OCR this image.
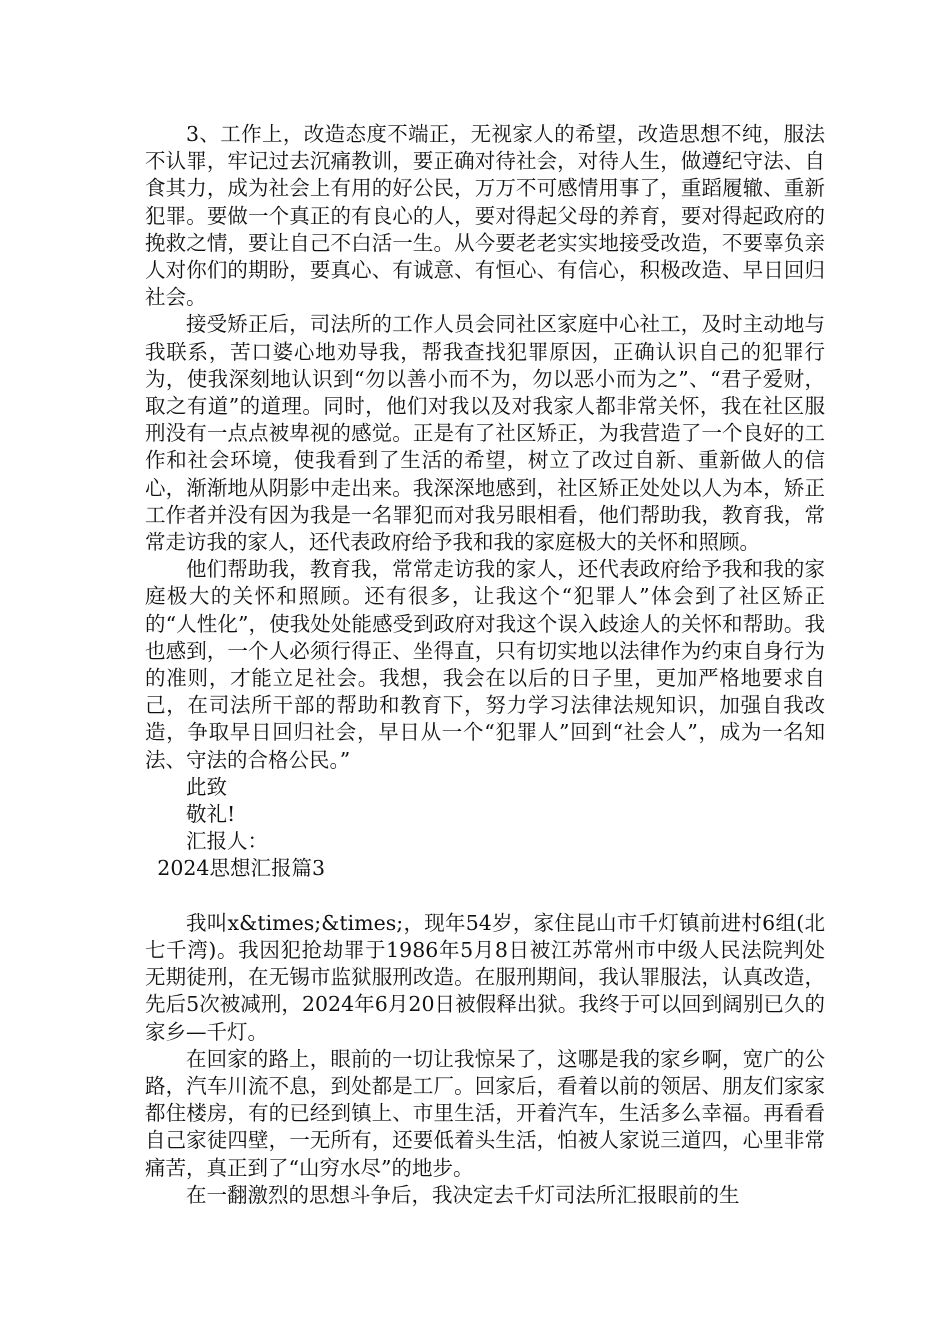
3、工作上，改造态度不端正，无视家人的希望，改造思想不纯，服法不认罪，牢记过去沉痛教训，要正确对待社会，对待人生，做遵纪守法、自食其力，成为社会上有用的好公民，万万不可感情用事了，重蹈履辙、重新犯罪。要做一个真正的有良心的人，要对得起父母的养育，要对得起政府的挽救之情，要让自己不白活一生。从今要老老实实地接受改造，不要辜负亲人对你们的期盼，要真心、有诚意、有恒心、有信心，积极改造、早日回归社会。

接受矫正后，司法所的工作人员会同社区家庭中心社工，及时主动地与我联系，苦口婆心地劝导我，帮我查找犯罪原因，正确认识自己的犯罪行为，使我深刻地认识到“勿以善小而不为，勿以恶小而为之”、“君子爱财，取之有道”的道理。同时，他们对我以及对我家人都非常关怀，我在社区服刑没有一点点被卑视的感觉。正是有了社区矫正，为我营造了一个良好的工作和社会环境，使我看到了生活的希望，树立了改过自新、重新做人的信心，渐渐地从阴影中走出来。我深深地感到，社区矫正处处以人为本，矫正工作者并没有因为我是一名罪犯而对我另眼相看，他们帮助我，教育我，常常走访我的家人，还代表政府给予我和我的家庭极大的关怀和照顾。

他们帮助我，教育我，常常走访我的家人，还代表政府给予我和我的家庭极大的关怀和照顾。还有很多，让我这个“犯罪人”体会到了社区矫正的“人性化”，使我处处能感受到政府对我这个误入歧途人的关怀和帮助。我也感到，一个人必须行得正、坐得直，只有切实地以法律作为约束自身行为的准则，才能立足社会。我想，我会在以后的日子里，更加严格地要求自己，在司法所干部的帮助和教育下，努力学习法律法规知识，加强自我改造，争取早日回归社会，早日从一个“犯罪人”回到“社会人”，成为一名知法、守法的合格公民。”

此致

敬礼!

汇报人：

2024思想汇报篇3

我叫x&times;&times;，现年54岁，家住昆山市千灯镇前进村6组(北七千湾)。我因犯抢劫罪于1986年5月8日被江苏常州市中级人民法院判处无期徒刑，在无锡市监狱服刑改造。在服刑期间，我认罪服法，认真改造，先后5次被减刑，2024年6月20日被假释出狱。我终于可以回到阔别已久的家乡—千灯。

在回家的路上，眼前的一切让我惊呆了，这哪是我的家乡啊，宽广的公路，汽车川流不息，到处都是工厂。回家后，看着以前的领居、朋友们家家都住楼房，有的已经到镇上、市里生活，开着汽车，生活多么幸福。再看看自己家徒四壁，一无所有，还要低着头生活，怕被人家说三道四，心里非常痛苦，真正到了“山穷水尽”的地步。

在一翻激烈的思想斗争后，我决定去千灯司法所汇报眼前的生
